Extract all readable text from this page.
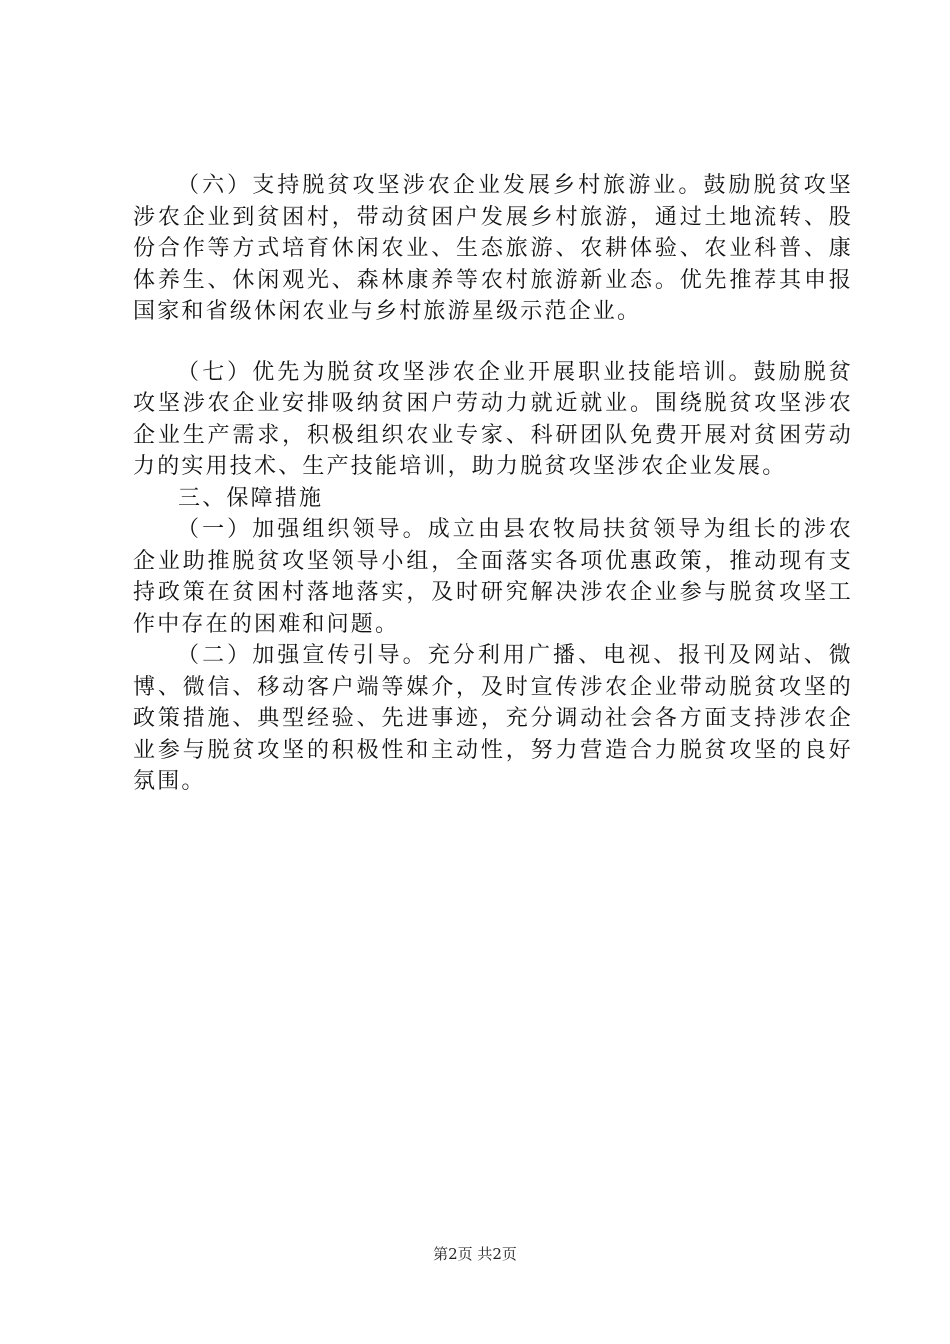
（六）支持脱贫攻坚涉农企业发展乡村旅游业。鼓励脱贫攻坚涉农企业到贫困村，带动贫困户发展乡村旅游，通过土地流转、股份合作等方式培育休闲农业、生态旅游、农耕体验、农业科普、康体养生、休闲观光、森林康养等农村旅游新业态。优先推荐其申报国家和省级休闲农业与乡村旅游星级示范企业。

（七）优先为脱贫攻坚涉农企业开展职业技能培训。鼓励脱贫攻坚涉农企业安排吸纳贫困户劳动力就近就业。围绕脱贫攻坚涉农企业生产需求，积极组织农业专家、科研团队免费开展对贫困劳动力的实用技术、生产技能培训，助力脱贫攻坚涉农企业发展。

三、保障措施

（一）加强组织领导。成立由县农牧局扶贫领导为组长的涉农企业助推脱贫攻坚领导小组，全面落实各项优惠政策，推动现有支持政策在贫困村落地落实，及时研究解决涉农企业参与脱贫攻坚工作中存在的困难和问题。

（二）加强宣传引导。充分利用广播、电视、报刊及网站、微博、微信、移动客户端等媒介，及时宣传涉农企业带动脱贫攻坚的政策措施、典型经验、先进事迹，充分调动社会各方面支持涉农企业参与脱贫攻坚的积极性和主动性，努力营造合力脱贫攻坚的良好氛围。

第2页 共2页
